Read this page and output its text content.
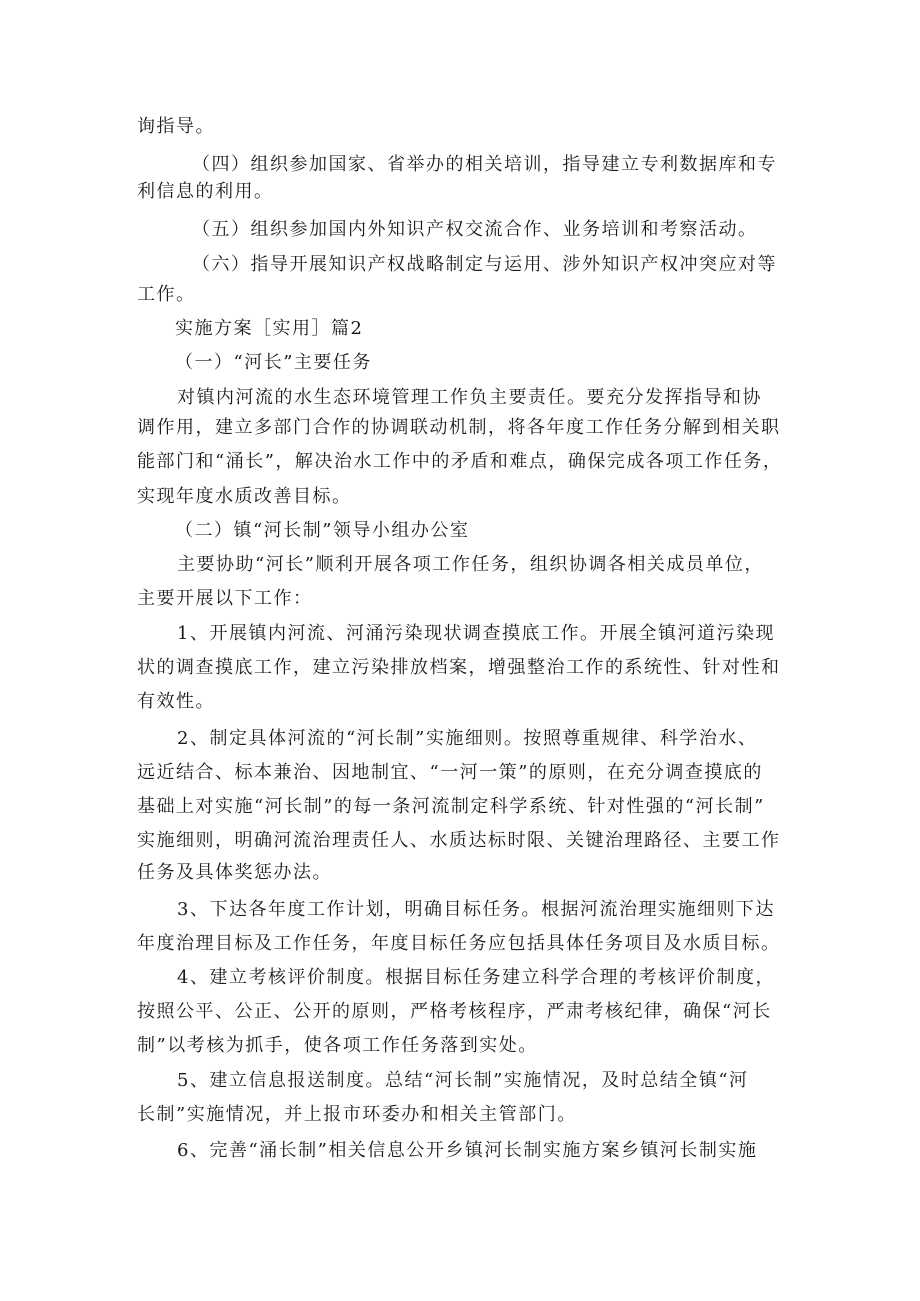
询指导。
（四）组织参加国家、省举办的相关培训，指导建立专利数据库和专
利信息的利用。
（五）组织参加国内外知识产权交流合作、业务培训和考察活动。
（六）指导开展知识产权战略制定与运用、涉外知识产权冲突应对等
工作。
实施方案［实用］篇2
（一）“河长”主要任务
对镇内河流的水生态环境管理工作负主要责任。要充分发挥指导和协
调作用，建立多部门合作的协调联动机制，将各年度工作任务分解到相关职
能部门和“涌长”，解决治水工作中的矛盾和难点，确保完成各项工作任务，
实现年度水质改善目标。
（二）镇“河长制”领导小组办公室
主要协助“河长”顺利开展各项工作任务，组织协调各相关成员单位，
主要开展以下工作：
1、开展镇内河流、河涌污染现状调查摸底工作。开展全镇河道污染现
状的调查摸底工作，建立污染排放档案，增强整治工作的系统性、针对性和
有效性。
2、制定具体河流的“河长制”实施细则。按照尊重规律、科学治水、
远近结合、标本兼治、因地制宜、“一河一策”的原则，在充分调查摸底的
基础上对实施“河长制”的每一条河流制定科学系统、针对性强的“河长制”
实施细则，明确河流治理责任人、水质达标时限、关键治理路径、主要工作
任务及具体奖惩办法。
3、下达各年度工作计划，明确目标任务。根据河流治理实施细则下达
年度治理目标及工作任务，年度目标任务应包括具体任务项目及水质目标。
4、建立考核评价制度。根据目标任务建立科学合理的考核评价制度，
按照公平、公正、公开的原则，严格考核程序，严肃考核纪律，确保“河长
制”以考核为抓手，使各项工作任务落到实处。
5、建立信息报送制度。总结“河长制”实施情况，及时总结全镇“河
长制”实施情况，并上报市环委办和相关主管部门。
6、完善“涌长制”相关信息公开乡镇河长制实施方案乡镇河长制实施
